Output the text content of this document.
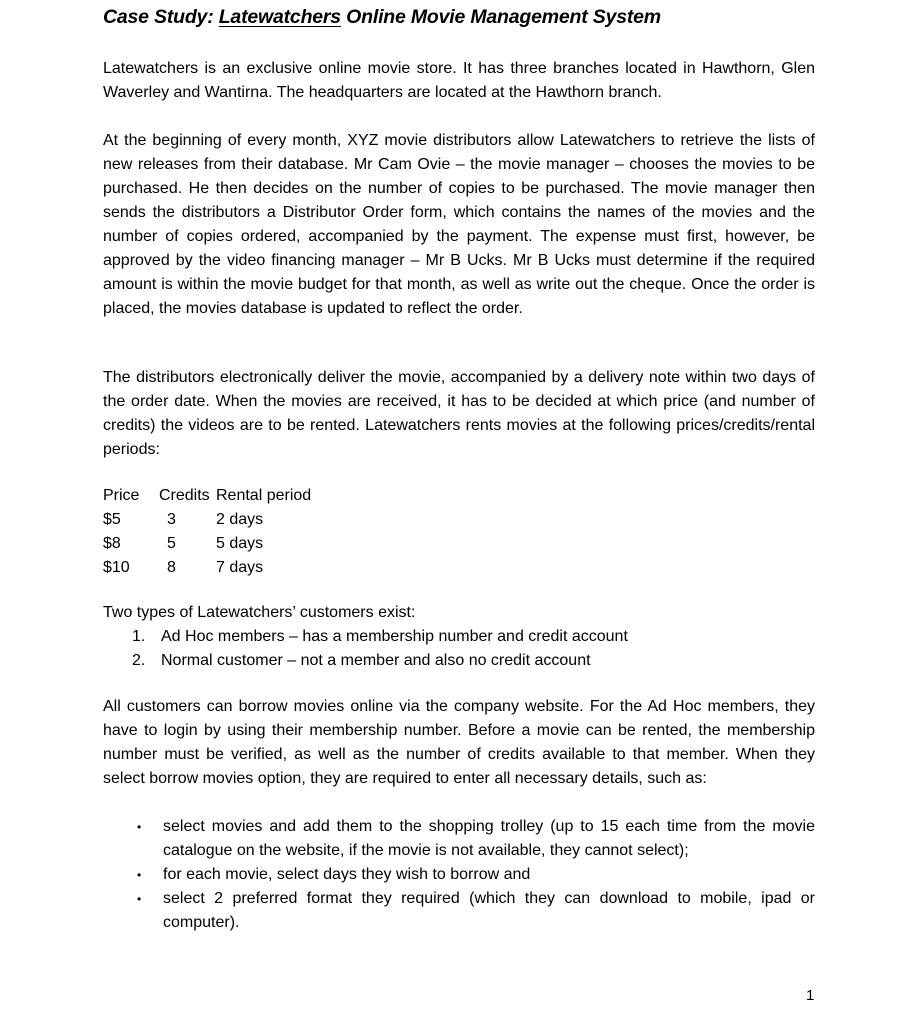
Case Study: Latewatchers Online Movie Management System
Latewatchers is an exclusive online movie store. It has three branches located in Hawthorn, Glen Waverley and Wantirna. The headquarters are located at the Hawthorn branch.
At the beginning of every month, XYZ movie distributors allow Latewatchers to retrieve the lists of new releases from their database. Mr Cam Ovie – the movie manager – chooses the movies to be purchased. He then decides on the number of copies to be purchased. The movie manager then sends the distributors a Distributor Order form, which contains the names of the movies and the number of copies ordered, accompanied by the payment. The expense must first, however, be approved by the video financing manager – Mr B Ucks. Mr B Ucks must determine if the required amount is within the movie budget for that month, as well as write out the cheque. Once the order is placed, the movies database is updated to reflect the order.
The distributors electronically deliver the movie, accompanied by a delivery note within two days of the order date. When the movies are received, it has to be decided at which price (and number of credits) the videos are to be rented. Latewatchers rents movies at the following prices/credits/rental periods:
Price	Credits Rental period
$5	3	2 days
$8	5	5 days
$10	8	7 days
Two types of Latewatchers’ customers exist:
1. Ad Hoc members – has a membership number and credit account
2. Normal customer – not a member and also no credit account
All customers can borrow movies online via the company website. For the Ad Hoc members, they have to login by using their membership number. Before a movie can be rented, the membership number must be verified, as well as the number of credits available to that member. When they select borrow movies option, they are required to enter all necessary details, such as:
•	select movies and add them to the shopping trolley (up to 15 each time from the movie catalogue on the website, if the movie is not available, they cannot select);
•	for each movie, select days they wish to borrow and
•	select 2 preferred format they required (which they can download to mobile, ipad or computer).
1
